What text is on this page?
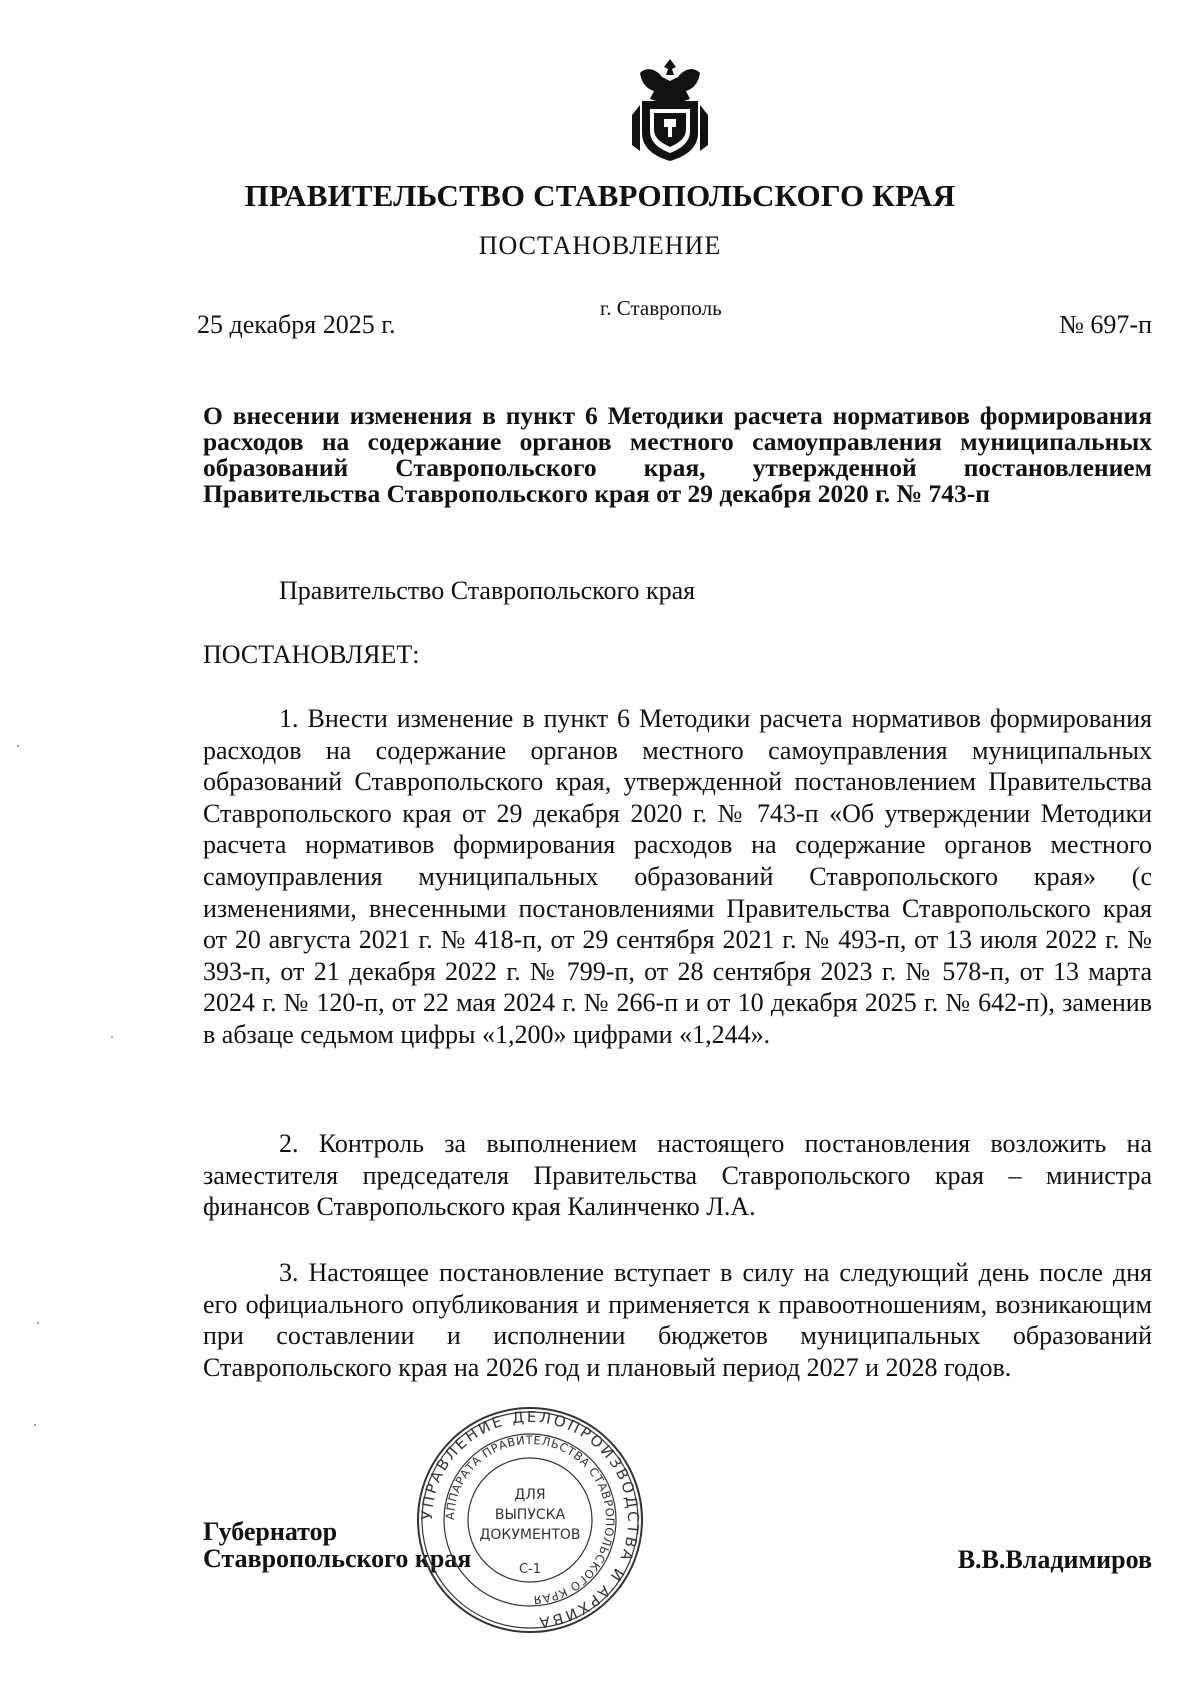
ПРАВИТЕЛЬСТВО СТАВРОПОЛЬСКОГО КРАЯ
ПОСТАНОВЛЕНИЕ
г. Ставрополь
25 декабря 2025 г.	№ 697-п
О внесении изменения в пункт 6 Методики расчета нормативов формирования расходов на содержание органов местного самоуправления муниципальных образований Ставропольского края, утвержденной постановлением Правительства Ставропольского края от 29 декабря 2020 г. № 743-п
Правительство Ставропольского края
ПОСТАНОВЛЯЕТ:
1. Внести изменение в пункт 6 Методики расчета нормативов формирования расходов на содержание органов местного самоуправления муниципальных образований Ставропольского края, утвержденной постановлением Правительства Ставропольского края от 29 декабря 2020 г. № 743-п «Об утверждении Методики расчета нормативов формирования расходов на содержание органов местного самоуправления муниципальных образований Ставропольского края» (с изменениями, внесенными постановлениями Правительства Ставропольского края от 20 августа 2021 г. № 418-п, от 29 сентября 2021 г. № 493-п, от 13 июля 2022 г. № 393-п, от 21 декабря 2022 г. № 799-п, от 28 сентября 2023 г. № 578-п, от 13 марта 2024 г. № 120-п, от 22 мая 2024 г. № 266-п и от 10 декабря 2025 г. № 642-п), заменив в абзаце седьмом цифры «1,200» цифрами «1,244».
2. Контроль за выполнением настоящего постановления возложить на заместителя председателя Правительства Ставропольского края – министра финансов Ставропольского края Калинченко Л.А.
3. Настоящее постановление вступает в силу на следующий день после дня его официального опубликования и применяется к правоотношениям, возникающим при составлении и исполнении бюджетов муниципальных образований Ставропольского края на 2026 год и плановый период 2027 и 2028 годов.
Губернатор
Ставропольского края	В.В.Владимиров
УПРАВЛЕНИЕ ДЕЛОПРОИЗВОДСТВА И АРХИВА
АППАРАТА ПРАВИТЕЛЬСТВА СТАВРОПОЛЬСКОГО КРАЯ
ДЛЯ
ВЫПУСКА
ДОКУМЕНТОВ
С-1
